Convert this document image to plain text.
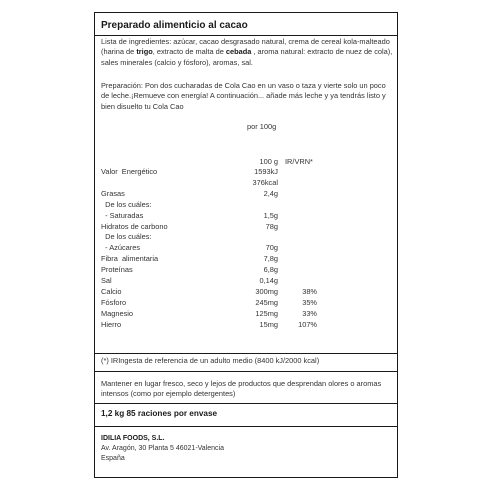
Preparado alimenticio al cacao
Lista de ingredientes: azúcar, cacao desgrasado natural, crema de cereal kola-malteado (harina de trigo, extracto de malta de cebada , aroma natural: extracto de nuez de cola), sales minerales (calcio y fósforo), aromas, sal.
Preparación: Pon dos cucharadas de Cola Cao en un vaso o taza y vierte solo un poco de leche.¡Remueve con energía! A continuación... añade más leche y ya tendrás listo y bien disuelto tu Cola Cao
por 100g
100 g IR/VRN*
Valor  Energético	1593kJ
376kcal
Grasas	2,4g
De los cuáles:
- Saturadas	1,5g
Hidratos de carbono	78g
De los cuáles:
- Azúcares	70g
Fibra  alimentaria	7,8g
Proteínas	6,8g
Sal	0,14g
Calcio	300mg	38%
Fósforo	245mg	35%
Magnesio	125mg	33%
Hierro	15mg	107%
(*) IRIngesta de referencia de un adulto medio (8400 kJ/2000 kcal)
Mantener en lugar fresco, seco y lejos de productos que desprendan olores o aromas intensos (como por ejemplo detergentes)
1,2 kg 85 raciones por envase
IDILIA FOODS, S.L.
Av. Aragón, 30 Planta 5 46021-Valencia
España
